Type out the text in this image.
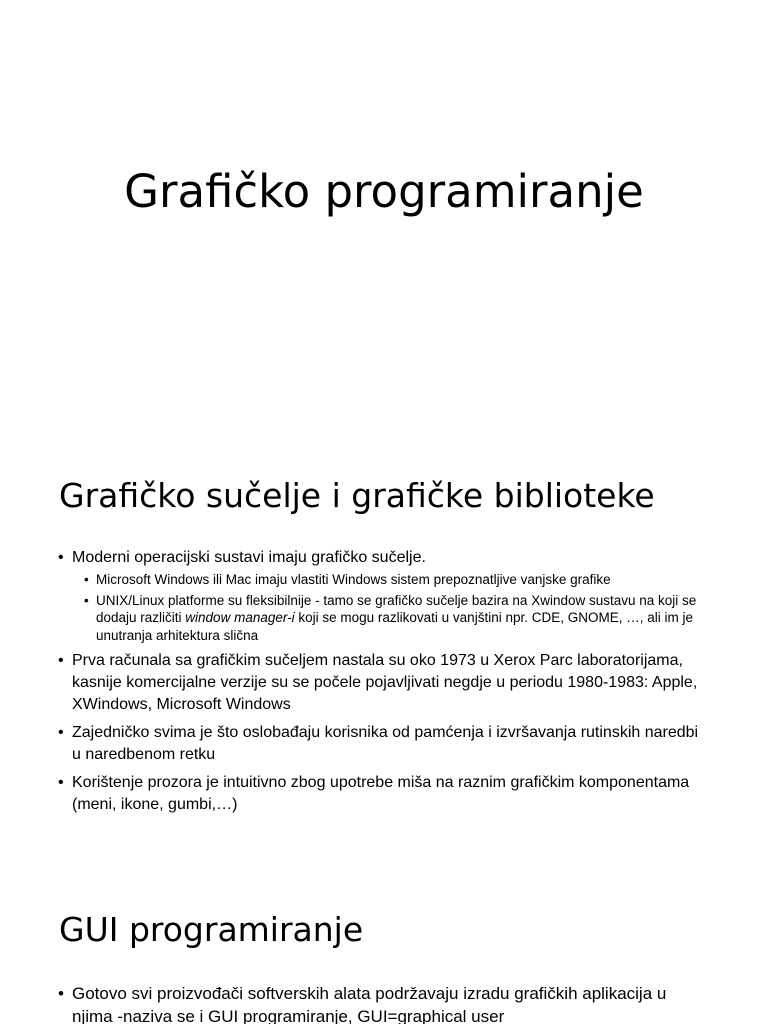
Grafičko programiranje
Grafičko sučelje i grafičke biblioteke
• Moderni operacijski sustavi imaju grafičko sučelje.
• Microsoft Windows ili Mac imaju vlastiti Windows sistem prepoznatljive vanjske grafike
• UNIX/Linux platforme su fleksibilnije - tamo se grafičko sučelje bazira na Xwindow sustavu na koji se dodaju različiti window manager-i koji se mogu razlikovati u vanjštini npr. CDE, GNOME, …, ali im je unutranja arhitektura slična
• Prva računala sa grafičkim sučeljem nastala su oko 1973 u Xerox Parc laboratorijama, kasnije komercijalne verzije su se počele pojavljivati negdje u periodu 1980-1983: Apple, XWindows, Microsoft Windows
• Zajedničko svima je što oslobađaju korisnika od pamćenja i izvršavanja rutinskih naredbi u naredbenom retku
• Korištenje prozora je intuitivno zbog upotrebe miša na raznim grafičkim komponentama (meni, ikone, gumbi,…)
GUI programiranje
• Gotovo svi proizvođači softverskih alata podržavaju izradu grafičkih aplikacija u njima -naziva se i GUI programiranje, GUI=graphical user
